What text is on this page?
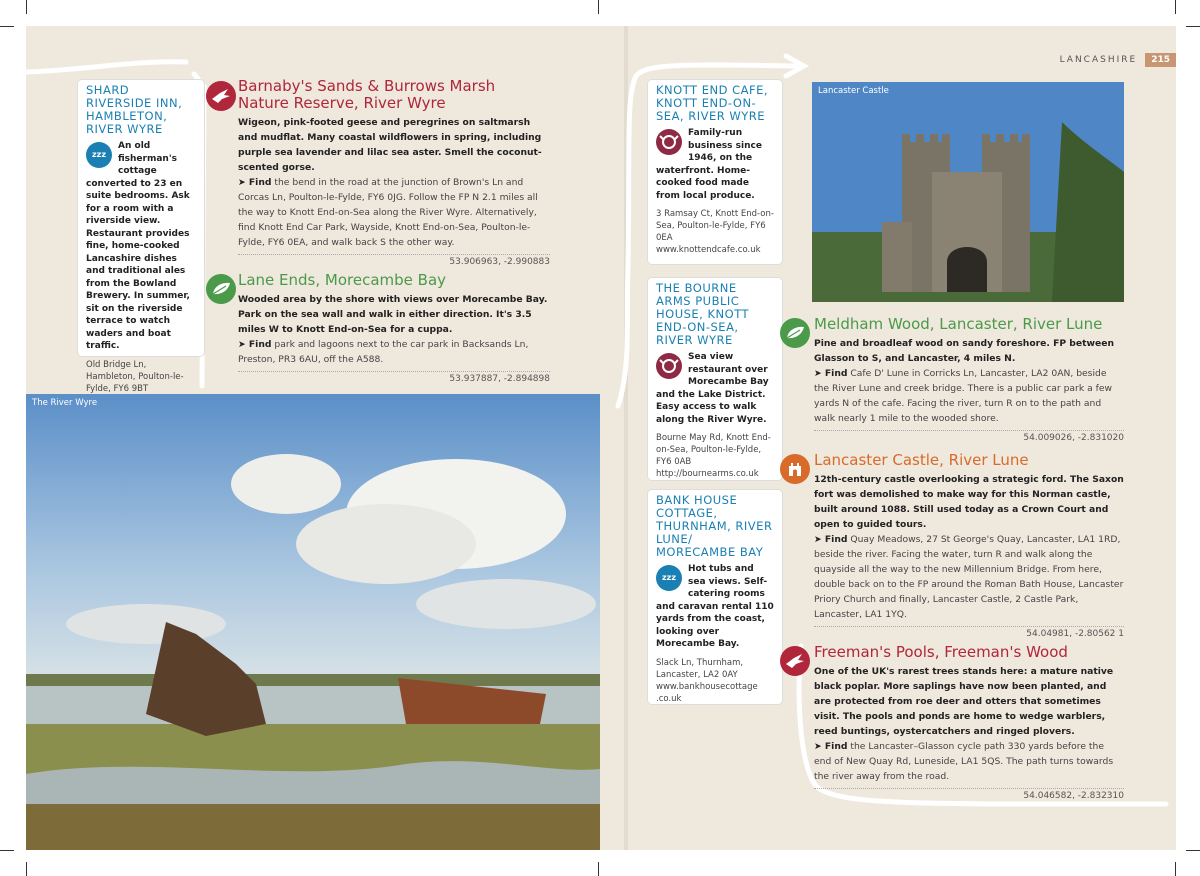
LANCASHIRE	215
SHARD RIVERSIDE INN, HAMBLETON, RIVER WYRE
zzz
An old fisherman's cottage converted to 23 en suite bedrooms. Ask for a room with a riverside view. Restaurant provides fine, home-cooked Lancashire dishes and traditional ales from the Bowland Brewery. In summer, sit on the riverside terrace to watch waders and boat traffic.
Old Bridge Ln, Hambleton, Poulton-le-Fylde, FY6 9BT
Barnaby's Sands & Burrows Marsh Nature Reserve, River Wyre
Wigeon, pink-footed geese and peregrines on saltmarsh and mudflat. Many coastal wildflowers in spring, including purple sea lavender and lilac sea aster. Smell the coconut-scented gorse.
➤ Find the bend in the road at the junction of Brown's Ln and Corcas Ln, Poulton-le-Fylde, FY6 0JG. Follow the FP N 2.1 miles all the way to Knott End-on-Sea along the River Wyre. Alternatively, find Knott End Car Park, Wayside, Knott End-on-Sea, Poulton-le-Fylde, FY6 0EA, and walk back S the other way.
53.906963, -2.990883
Lane Ends, Morecambe Bay
Wooded area by the shore with views over Morecambe Bay. Park on the sea wall and walk in either direction. It's 3.5 miles W to Knott End-on-Sea for a cuppa.
➤ Find park and lagoons next to the car park in Backsands Ln, Preston, PR3 6AU, off the A588.
53.937887, -2.894898
The River Wyre
KNOTT END CAFE, KNOTT END-ON-SEA, RIVER WYRE
Family-run business since 1946, on the waterfront. Home-cooked food made from local produce.
3 Ramsay Ct, Knott End-on-Sea, Poulton-le-Fylde, FY6 0EA
www.knottendcafe.co.uk
THE BOURNE ARMS PUBLIC HOUSE, KNOTT END-ON-SEA, RIVER WYRE
Sea view restaurant over Morecambe Bay and the Lake District. Easy access to walk along the River Wyre.
Bourne May Rd, Knott End-on-Sea, Poulton-le-Fylde, FY6 0AB
http://bournearms.co.uk
BANK HOUSE COTTAGE, THURNHAM, RIVER LUNE/ MORECAMBE BAY
zzz
Hot tubs and sea views. Self-catering rooms and caravan rental 110 yards from the coast, looking over Morecambe Bay.
Slack Ln, Thurnham, Lancaster, LA2 0AY
www.bankhousecottage .co.uk
Lancaster Castle
Meldham Wood, Lancaster, River Lune
Pine and broadleaf wood on sandy foreshore. FP between Glasson to S, and Lancaster, 4 miles N.
➤ Find Cafe D' Lune in Corricks Ln, Lancaster, LA2 0AN, beside the River Lune and creek bridge. There is a public car park a few yards N of the cafe. Facing the river, turn R on to the path and walk nearly 1 mile to the wooded shore.
54.009026, -2.831020
Lancaster Castle, River Lune
12th-century castle overlooking a strategic ford. The Saxon fort was demolished to make way for this Norman castle, built around 1088. Still used today as a Crown Court and open to guided tours.
➤ Find Quay Meadows, 27 St George's Quay, Lancaster, LA1 1RD, beside the river. Facing the water, turn R and walk along the quayside all the way to the new Millennium Bridge. From here, double back on to the FP around the Roman Bath House, Lancaster Priory Church and finally, Lancaster Castle, 2 Castle Park, Lancaster, LA1 1YQ.
54.04981, -2.80562 1
Freeman's Pools, Freeman's Wood
One of the UK's rarest trees stands here: a mature native black poplar. More saplings have now been planted, and are protected from roe deer and otters that sometimes visit. The pools and ponds are home to wedge warblers, reed buntings, oystercatchers and ringed plovers.
➤ Find the Lancaster–Glasson cycle path 330 yards before the end of New Quay Rd, Luneside, LA1 5QS. The path turns towards the river away from the road.
54.046582, -2.832310
